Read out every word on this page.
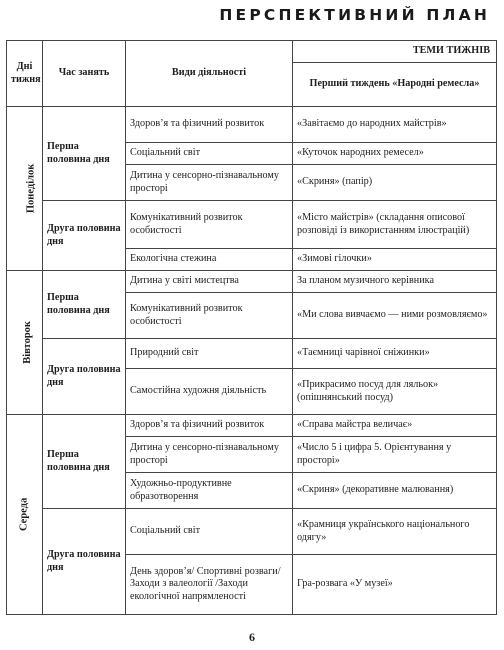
ПЕРСПЕКТИВНИЙ ПЛАН
Дні тижня	Час занять	Види діяльності	ТЕМИ ТИЖНІВ
			Перший тиждень «Народні ремесла»
Понеділок	Перша половина дня	Здоров’я та фізичний розвиток	«Завітаємо до народних майстрів»
		Соціальний світ	«Куточок народних ремесел»
		Дитина у сенсорно-пізнавальному просторі	«Скриня» (папір)
	Друга половина дня	Комунікативний розвиток особистості	«Місто майстрів» (складання описової розповіді із використанням ілюстрацій)
		Екологічна стежина	«Зимові гілочки»
Вівторок	Перша половина дня	Дитина у світі мистецтва	За планом музичного керівника
		Комунікативний розвиток особистості	«Ми слова вивчаємо — ними розмовляємо»
	Друга половина дня	Природний світ	«Таємниці чарівної сніжинки»
		Самостійна художня діяльність	«Прикрасимо посуд для ляльок» (опішнянський посуд)
Середа	Перша половина дня	Здоров’я та фізичний розвиток	«Справа майстра величає»
		Дитина у сенсорно-пізнавальному просторі	«Число 5 і цифра 5. Орієнтування у просторі»
		Художньо-продуктивне образотворення	«Скриня» (декоративне малювання)
	Друга половина дня	Соціальний світ	«Крамниця українського національного одягу»
		День здоров’я/ Спортивні розваги/ Заходи з валеології /Заходи екологічної напрямленості	Гра-розвага «У музеї»
6
